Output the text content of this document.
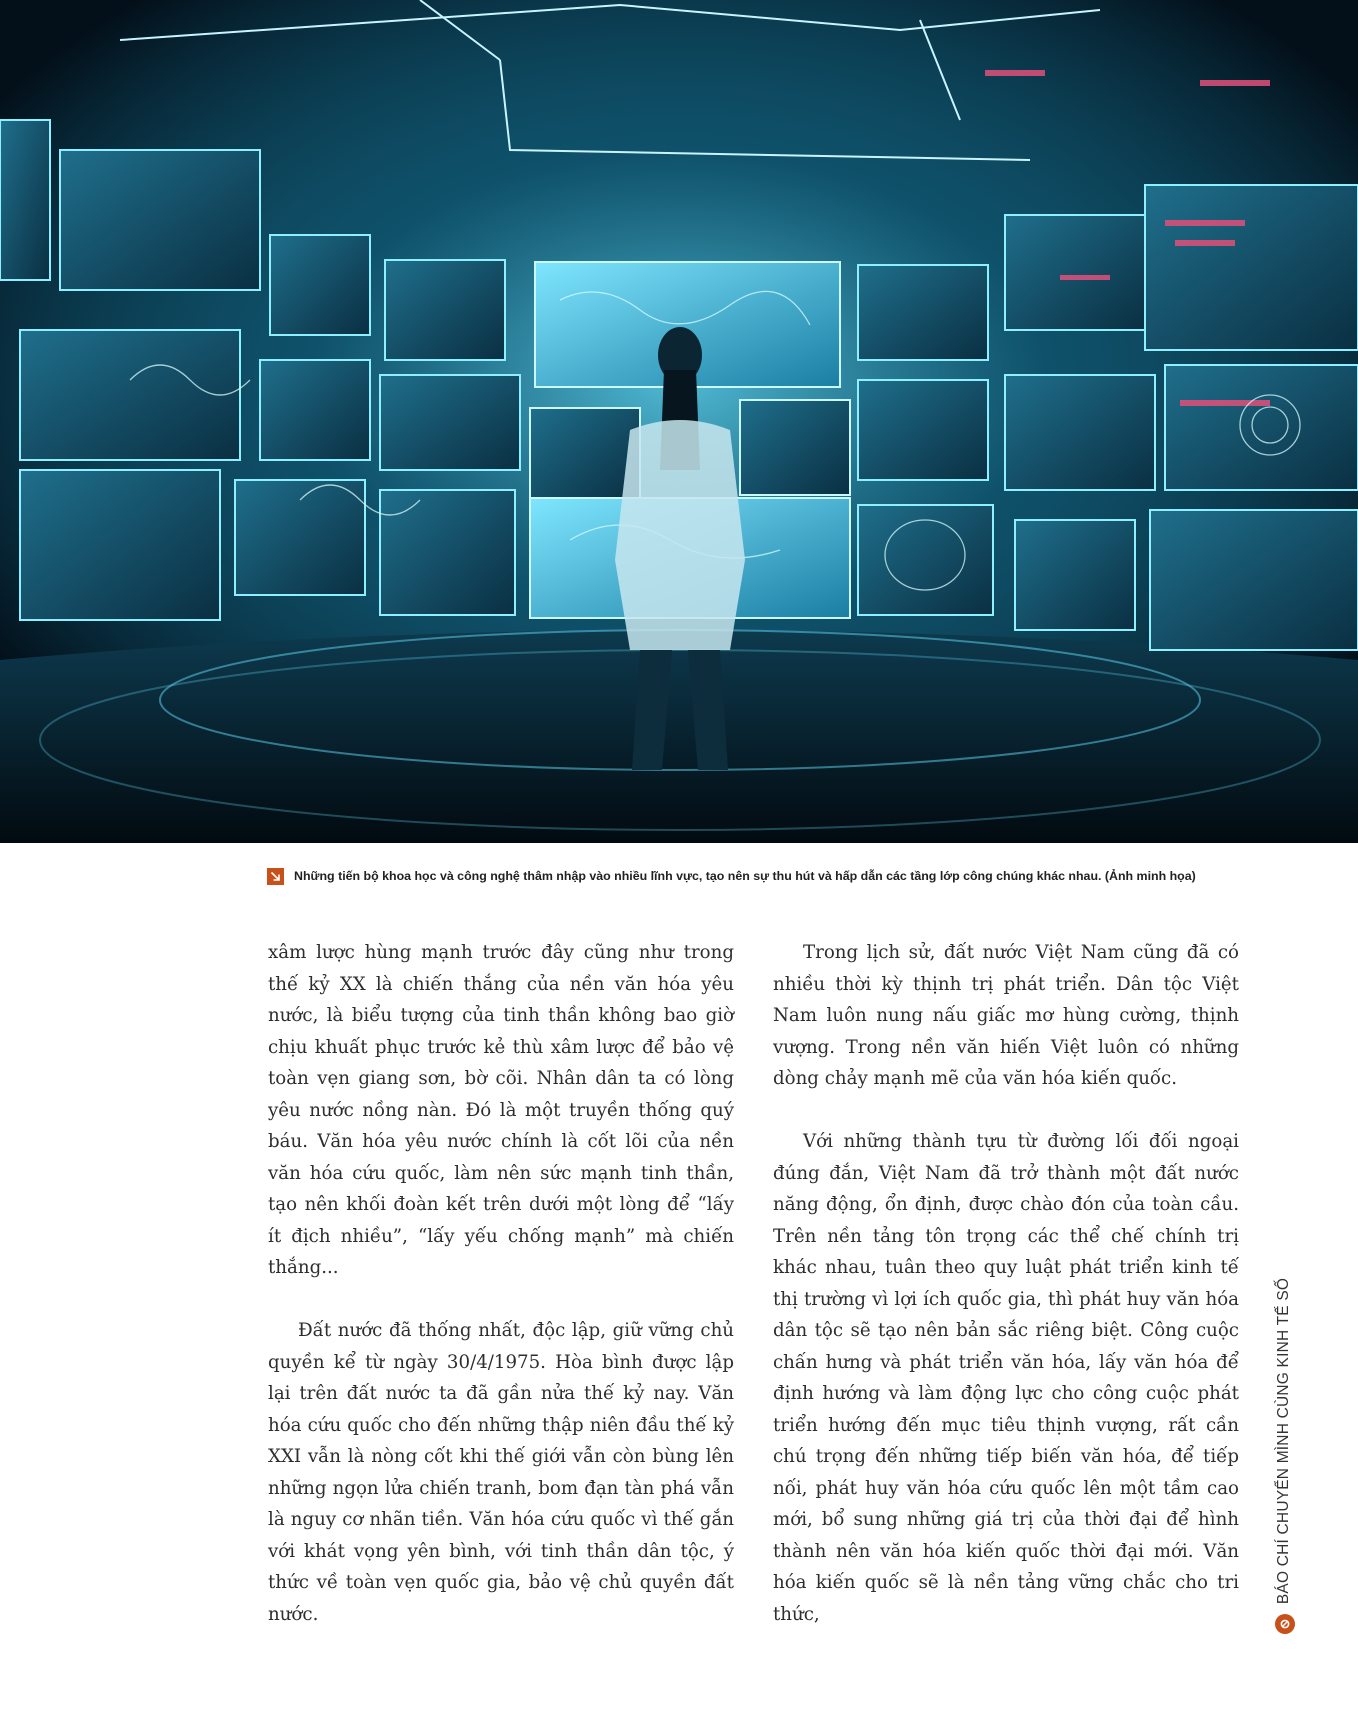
Những tiến bộ khoa học và công nghệ thâm nhập vào nhiều lĩnh vực, tạo nên sự thu hút và hấp dẫn các tầng lớp công chúng khác nhau. (Ảnh minh họa)

xâm lược hùng mạnh trước đây cũng như trong thế kỷ XX là chiến thắng của nền văn hóa yêu nước, là biểu tượng của tinh thần không bao giờ chịu khuất phục trước kẻ thù xâm lược để bảo vệ toàn vẹn giang sơn, bờ cõi. Nhân dân ta có lòng yêu nước nồng nàn. Đó là một truyền thống quý báu. Văn hóa yêu nước chính là cốt lõi của nền văn hóa cứu quốc, làm nên sức mạnh tinh thần, tạo nên khối đoàn kết trên dưới một lòng để “lấy ít địch nhiều”, “lấy yếu chống mạnh” mà chiến thắng...

Đất nước đã thống nhất, độc lập, giữ vững chủ quyền kể từ ngày 30/4/1975. Hòa bình được lập lại trên đất nước ta đã gần nửa thế kỷ nay. Văn hóa cứu quốc cho đến những thập niên đầu thế kỷ XXI vẫn là nòng cốt khi thế giới vẫn còn bùng lên những ngọn lửa chiến tranh, bom đạn tàn phá vẫn là nguy cơ nhãn tiền. Văn hóa cứu quốc vì thế gắn với khát vọng yên bình, với tinh thần dân tộc, ý thức về toàn vẹn quốc gia, bảo vệ chủ quyền đất nước.

Trong lịch sử, đất nước Việt Nam cũng đã có nhiều thời kỳ thịnh trị phát triển. Dân tộc Việt Nam luôn nung nấu giấc mơ hùng cường, thịnh vượng. Trong nền văn hiến Việt luôn có những dòng chảy mạnh mẽ của văn hóa kiến quốc.

Với những thành tựu từ đường lối đối ngoại đúng đắn, Việt Nam đã trở thành một đất nước năng động, ổn định, được chào đón của toàn cầu. Trên nền tảng tôn trọng các thể chế chính trị khác nhau, tuân theo quy luật phát triển kinh tế thị trường vì lợi ích quốc gia, thì phát huy văn hóa dân tộc sẽ tạo nên bản sắc riêng biệt. Công cuộc chấn hưng và phát triển văn hóa, lấy văn hóa để định hướng và làm động lực cho công cuộc phát triển hướng đến mục tiêu thịnh vượng, rất cần chú trọng đến những tiếp biến văn hóa, để tiếp nối, phát huy văn hóa cứu quốc lên một tầm cao mới, bổ sung những giá trị của thời đại để hình thành nên văn hóa kiến quốc thời đại mới. Văn hóa kiến quốc sẽ là nền tảng vững chắc cho tri thức,

BÁO CHÍ CHUYỂN MÌNH CÙNG KINH TẾ SỐ
